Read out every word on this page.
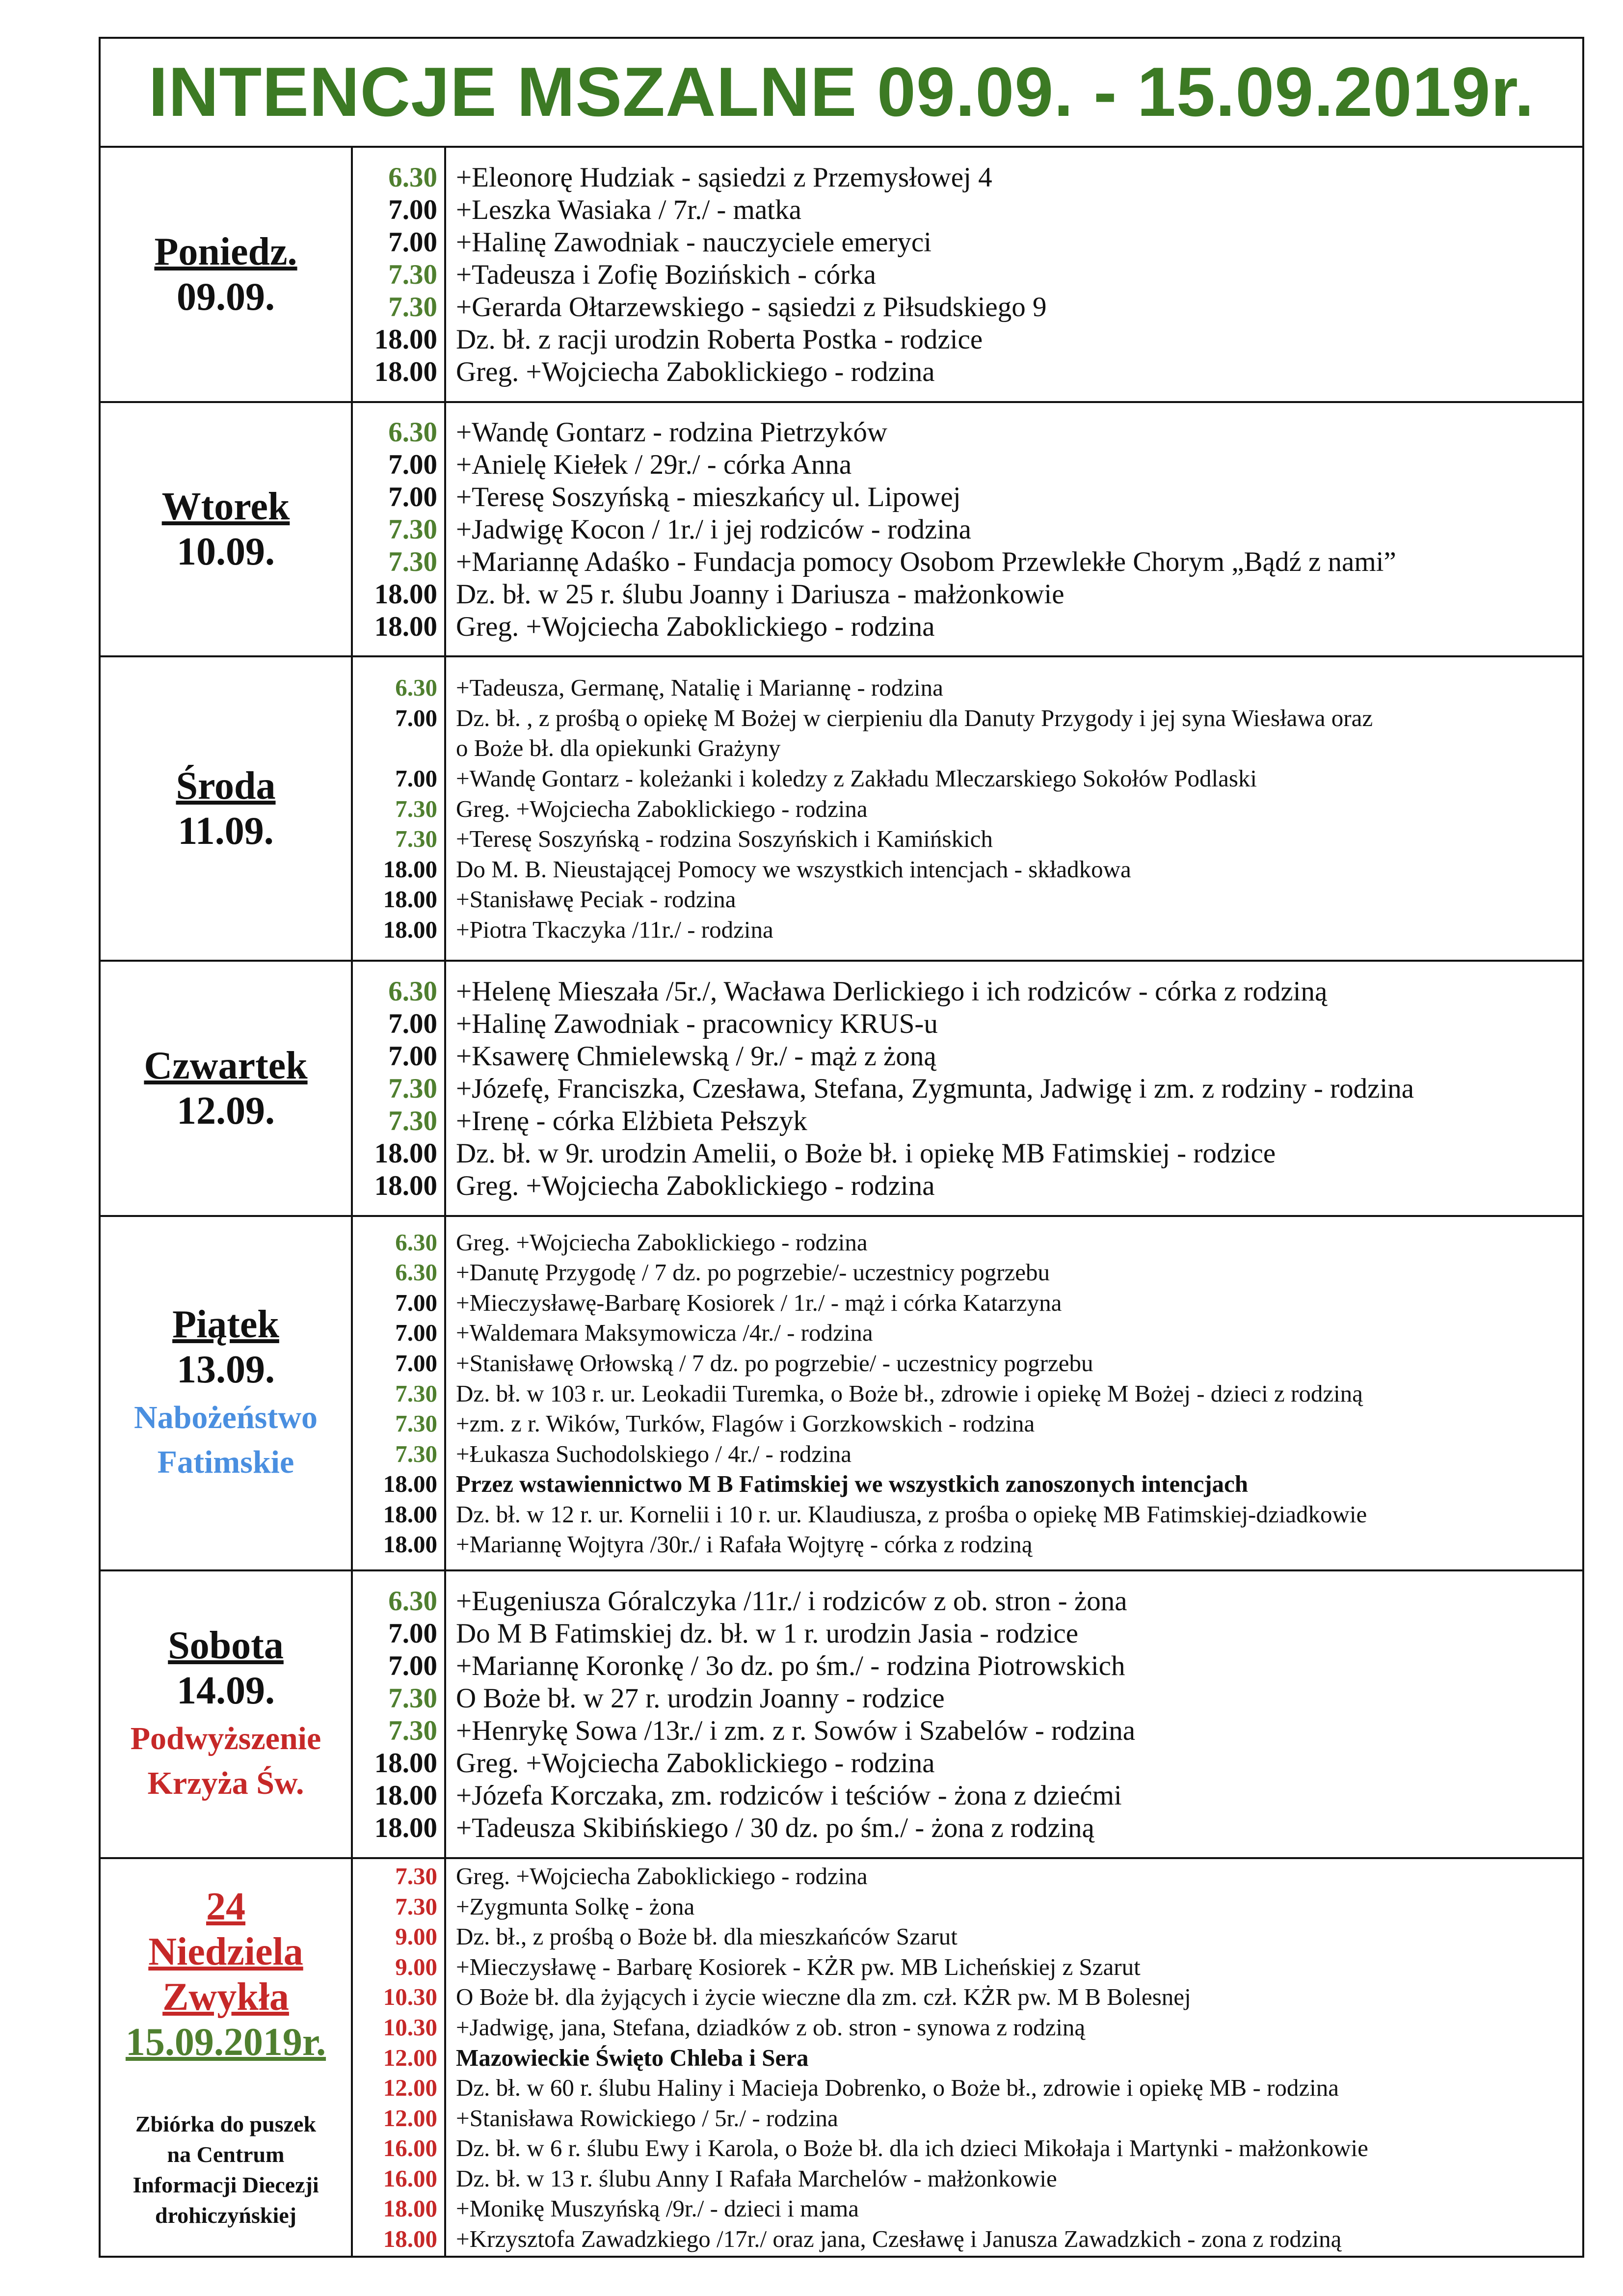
INTENCJE MSZALNE 09.09. - 15.09.2019r.
Poniedz.
09.09.
6.30
7.00
7.00
7.30
7.30
18.00
18.00
+Eleonorę Hudziak - sąsiedzi z Przemysłowej 4
+Leszka Wasiaka / 7r./ - matka
+Halinę Zawodniak - nauczyciele emeryci
+Tadeusza i Zofię Bozińskich - córka
+Gerarda Ołtarzewskiego - sąsiedzi z Piłsudskiego 9
Dz. bł. z racji urodzin Roberta Postka - rodzice
Greg. +Wojciecha Zaboklickiego - rodzina
Wtorek
10.09.
6.30
7.00
7.00
7.30
7.30
18.00
18.00
+Wandę Gontarz - rodzina Pietrzyków
+Anielę Kiełek / 29r./ - córka Anna
+Teresę Soszyńską - mieszkańcy ul. Lipowej
+Jadwigę Kocon / 1r./ i jej rodziców - rodzina
+Mariannę Adaśko - Fundacja pomocy Osobom Przewlekłe Chorym „Bądź z nami”
Dz. bł. w 25 r. ślubu Joanny i Dariusza - małżonkowie
Greg. +Wojciecha Zaboklickiego - rodzina
Środa
11.09.
6.30
7.00
7.00
7.30
7.30
18.00
18.00
18.00
+Tadeusza, Germanę, Natalię i Mariannę - rodzina
Dz. bł. , z prośbą o opiekę M Bożej w cierpieniu dla Danuty Przygody i jej syna Wiesława oraz
o Boże bł. dla opiekunki Grażyny
+Wandę Gontarz - koleżanki i koledzy z Zakładu Mleczarskiego Sokołów Podlaski
Greg. +Wojciecha Zaboklickiego - rodzina
+Teresę Soszyńską - rodzina Soszyńskich i Kamińskich
Do M. B. Nieustającej Pomocy we wszystkich intencjach - składkowa
+Stanisławę Peciak - rodzina
+Piotra Tkaczyka /11r./ - rodzina
Czwartek
12.09.
6.30
7.00
7.00
7.30
7.30
18.00
18.00
+Helenę Mieszała /5r./, Wacława Derlickiego i ich rodziców - córka z rodziną
+Halinę Zawodniak - pracownicy KRUS-u
+Ksawerę Chmielewską / 9r./ - mąż z żoną
+Józefę, Franciszka, Czesława, Stefana, Zygmunta, Jadwigę i zm. z rodziny - rodzina
+Irenę - córka Elżbieta Pełszyk
Dz. bł. w 9r. urodzin Amelii, o Boże bł. i opiekę MB Fatimskiej - rodzice
Greg. +Wojciecha Zaboklickiego - rodzina
Piątek
13.09.
Nabożeństwo
Fatimskie
6.30
6.30
7.00
7.00
7.00
7.30
7.30
7.30
18.00
18.00
18.00
Greg. +Wojciecha Zaboklickiego - rodzina
+Danutę Przygodę / 7 dz. po pogrzebie/- uczestnicy pogrzebu
+Mieczysławę-Barbarę Kosiorek / 1r./ - mąż i córka Katarzyna
+Waldemara Maksymowicza /4r./ - rodzina
+Stanisławę Orłowską / 7 dz. po pogrzebie/ - uczestnicy pogrzebu
Dz. bł. w 103 r. ur. Leokadii Turemka, o Boże bł., zdrowie i opiekę M Bożej - dzieci z rodziną
+zm. z r. Wików, Turków, Flagów i Gorzkowskich - rodzina
+Łukasza Suchodolskiego / 4r./ - rodzina
Przez wstawiennictwo M B Fatimskiej we wszystkich zanoszonych intencjach
Dz. bł. w 12 r. ur. Kornelii i 10 r. ur. Klaudiusza, z prośba o opiekę MB Fatimskiej-dziadkowie
+Mariannę Wojtyra /30r./ i Rafała Wojtyrę - córka z rodziną
Sobota
14.09.
Podwyższenie
Krzyża Św.
6.30
7.00
7.00
7.30
7.30
18.00
18.00
18.00
+Eugeniusza Góralczyka /11r./ i rodziców z ob. stron - żona
Do M B Fatimskiej dz. bł. w 1 r. urodzin Jasia - rodzice
+Mariannę Koronkę / 3o dz. po śm./ - rodzina Piotrowskich
O Boże bł. w 27 r. urodzin Joanny - rodzice
+Henrykę Sowa /13r./ i zm. z r. Sowów i Szabelów - rodzina
Greg. +Wojciecha Zaboklickiego - rodzina
+Józefa Korczaka, zm. rodziców i teściów - żona z dziećmi
+Tadeusza Skibińskiego / 30 dz. po śm./ - żona z rodziną
24
Niedziela
Zwykła
15.09.2019r.
Zbiórka do puszek
na Centrum
Informacji Diecezji
drohiczyńskiej
7.30
7.30
9.00
9.00
10.30
10.30
12.00
12.00
12.00
16.00
16.00
18.00
18.00
Greg. +Wojciecha Zaboklickiego - rodzina
+Zygmunta Solkę - żona
Dz. bł., z prośbą o Boże bł. dla mieszkańców Szarut
+Mieczysławę - Barbarę Kosiorek - KŻR pw. MB Licheńskiej z Szarut
O Boże bł. dla żyjących i życie wieczne dla zm. czł. KŻR pw. M B Bolesnej
+Jadwigę, jana, Stefana, dziadków z ob. stron - synowa z rodziną
Mazowieckie Święto Chleba i Sera
Dz. bł. w 60 r. ślubu Haliny i Macieja Dobrenko, o Boże bł., zdrowie i opiekę MB - rodzina
+Stanisława Rowickiego / 5r./ - rodzina
Dz. bł. w 6 r. ślubu Ewy i Karola, o Boże bł. dla ich dzieci Mikołaja i Martynki - małżonkowie
Dz. bł. w 13 r. ślubu Anny I Rafała Marchelów - małżonkowie
+Monikę Muszyńską /9r./ - dzieci i mama
+Krzysztofa Zawadzkiego /17r./ oraz jana, Czesławę i Janusza Zawadzkich - zona z rodziną
